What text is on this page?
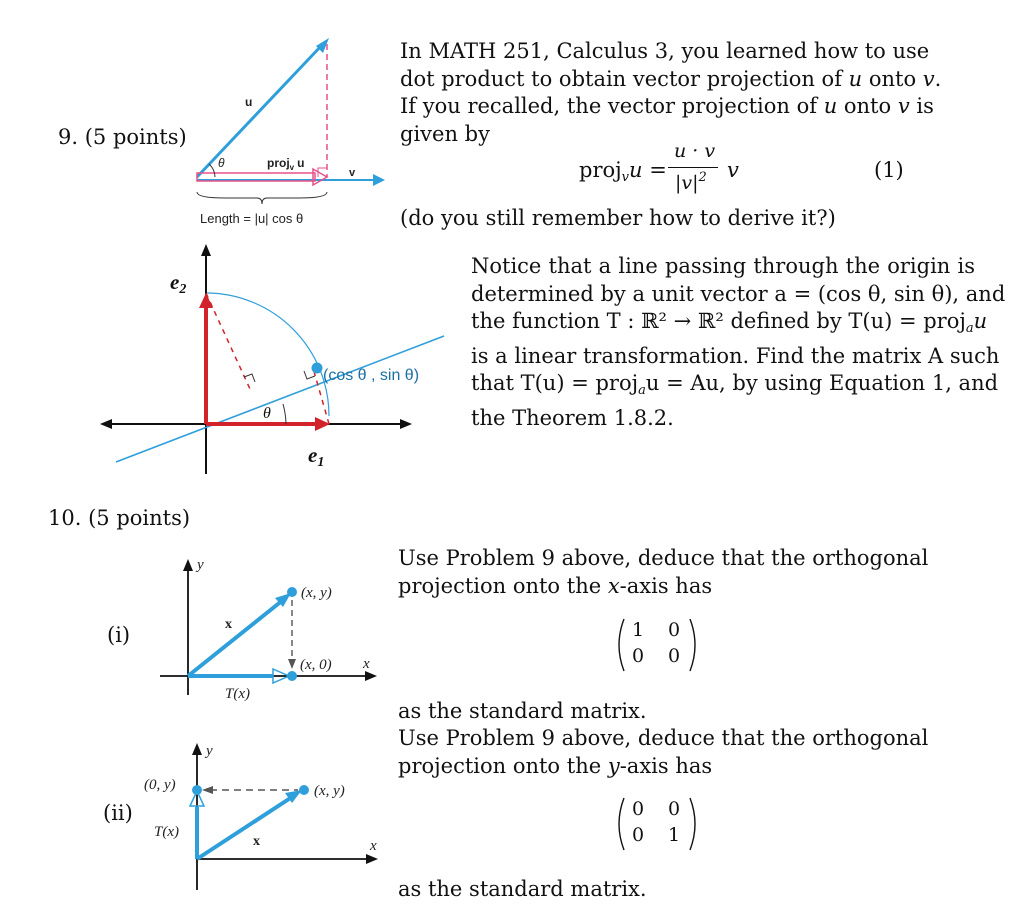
9. (5 points)
u
θ	proj$_v$ u
v
Length = |u| cos θ
In MATH 251, Calculus 3, you learned how to use
dot product to obtain vector projection of u onto v.
If you recalled, the vector projection of u onto v is
given by
proj$_v$u =
u · v
$|v|^2$ v	(1)
(do you still remember how to derive it?)
e2
e1
θ
(cos θ , sin θ)
Notice that a line passing through the origin is
determined by a unit vector a = (cos θ, sin θ), and
the function T : ℝ² → ℝ² defined by T(u) = proj$_a$u
is a linear transformation. Find the matrix A such
that T(u) = proj$_a$u = Au, by using Equation 1, and
the Theorem 1.8.2.
10. (5 points)
(i)
y
(x, y)
x
(x, 0) x
T(x)
Use Problem 9 above, deduce that the orthogonal
projection onto the x-axis has
1 0
0 0
as the standard matrix.
Use Problem 9 above, deduce that the orthogonal
projection onto the y-axis has
(ii)
y
(0, y)	(x, y)
T(x)
x	x
0 0
0 1
as the standard matrix.
